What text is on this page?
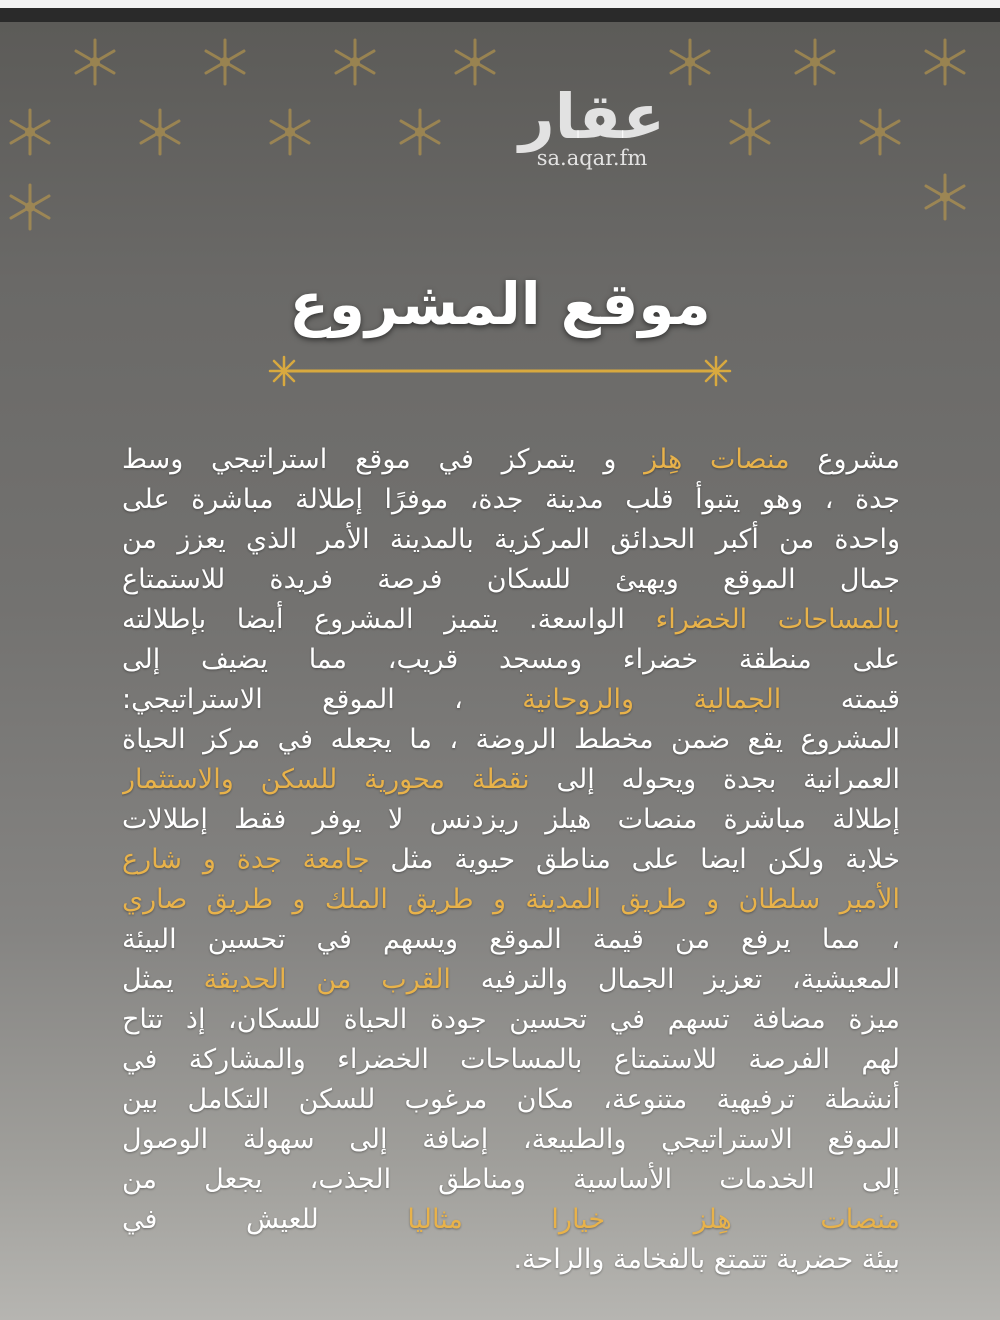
عقار
sa.aqar.fm
موقع المشروع
مشروع منصات هِلز و يتمركز في موقع استراتيجي وسط
جدة ، وهو يتبوأ قلب مدينة جدة، موفرًا إطلالة مباشرة على
واحدة من أكبر الحدائق المركزية بالمدينة الأمر الذي يعزز من
جمال الموقع ويهيئ للسكان فرصة فريدة للاستمتاع
بالمساحات الخضراء الواسعة. يتميز المشروع أيضا بإطلالته
على منطقة خضراء ومسجد قريب، مما يضيف إلى
قيمته الجمالية والروحانية ، الموقع الاستراتيجي:
المشروع يقع ضمن مخطط الروضة ، ما يجعله في مركز الحياة
العمرانية بجدة ويحوله إلى نقطة محورية للسكن والاستثمار
إطلالة مباشرة منصات هيلز ريزدنس لا يوفر فقط إطلالات
خلابة ولكن ايضا على مناطق حيوية مثل جامعة جدة و شارع
الأمير سلطان و طريق المدينة و طريق الملك و طريق صاري
، مما يرفع من قيمة الموقع ويسهم في تحسين البيئة
المعيشية، تعزيز الجمال والترفيه القرب من الحديقة يمثل
ميزة مضافة تسهم في تحسين جودة الحياة للسكان، إذ تتاح
لهم الفرصة للاستمتاع بالمساحات الخضراء والمشاركة في
أنشطة ترفيهية متنوعة، مكان مرغوب للسكن التكامل بين
الموقع الاستراتيجي والطبيعة، إضافة إلى سهولة الوصول
إلى الخدمات الأساسية ومناطق الجذب، يجعل من
منصات هِلز خيارا مثاليا للعيش في
بيئة حضرية تتمتع بالفخامة والراحة.
